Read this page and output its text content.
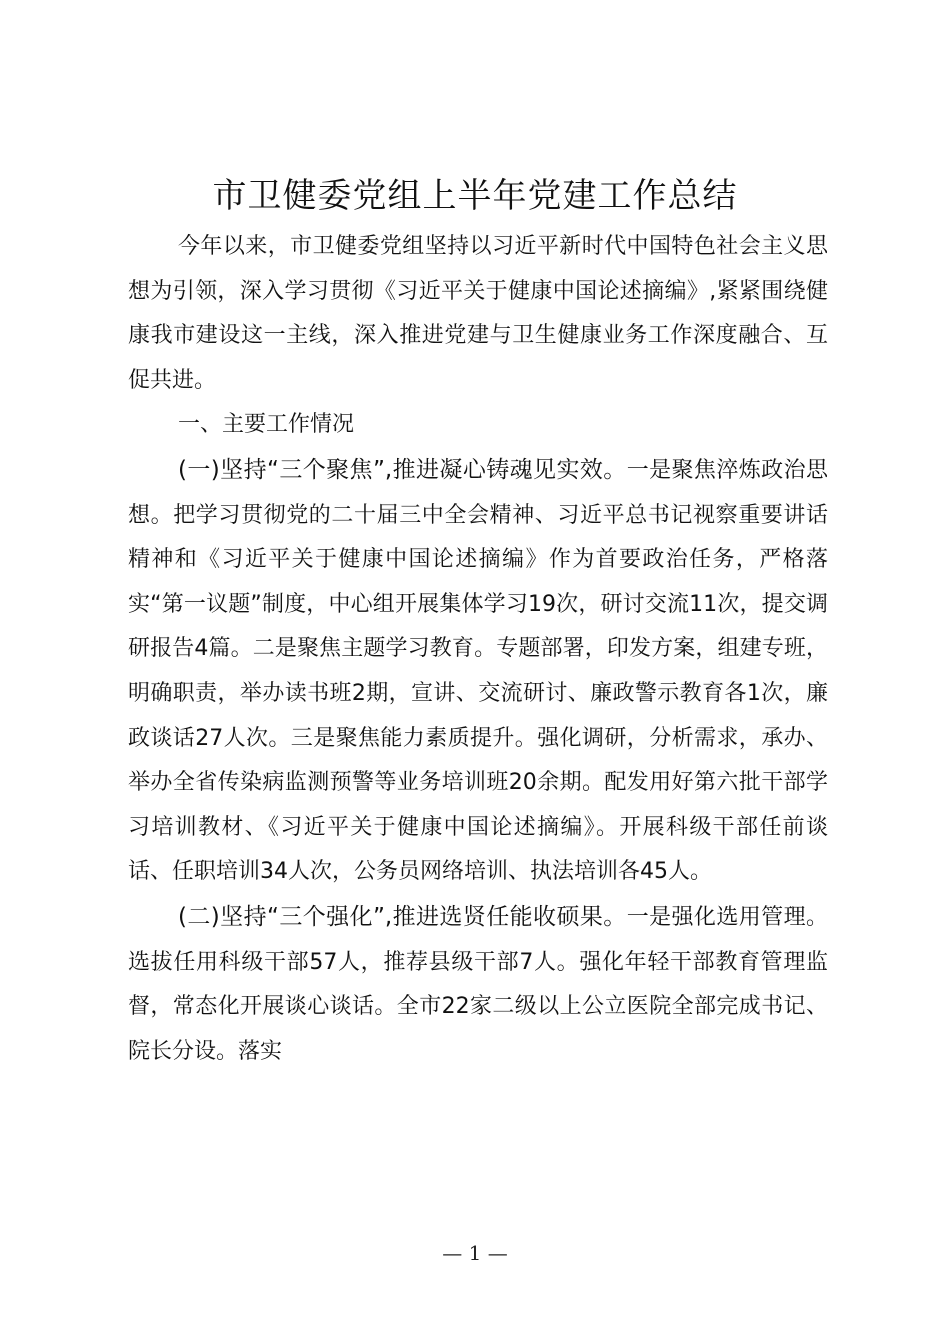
市卫健委党组上半年党建工作总结

今年以来，市卫健委党组坚持以习近平新时代中国特色社会主义思想为引领，深入学习贯彻《习近平关于健康中国论述摘编》,紧紧围绕健康我市建设这一主线，深入推进党建与卫生健康业务工作深度融合、互促共进。

一、主要工作情况

(一)坚持“三个聚焦”,推进凝心铸魂见实效。一是聚焦淬炼政治思想。把学习贯彻党的二十届三中全会精神、习近平总书记视察重要讲话精神和《习近平关于健康中国论述摘编》作为首要政治任务，严格落实“第一议题”制度，中心组开展集体学习19次，研讨交流11次，提交调研报告4篇。二是聚焦主题学习教育。专题部署，印发方案，组建专班，明确职责，举办读书班2期，宣讲、交流研讨、廉政警示教育各1次，廉政谈话27人次。三是聚焦能力素质提升。强化调研，分析需求，承办、举办全省传染病监测预警等业务培训班20余期。配发用好第六批干部学习培训教材、《习近平关于健康中国论述摘编》。开展科级干部任前谈话、任职培训34人次，公务员网络培训、执法培训各45人。

(二)坚持“三个强化”,推进选贤任能收硕果。一是强化选用管理。选拔任用科级干部57人，推荐县级干部7人。强化年轻干部教育管理监督，常态化开展谈心谈话。全市22家二级以上公立医院全部完成书记、院长分设。落实

— 1 —
